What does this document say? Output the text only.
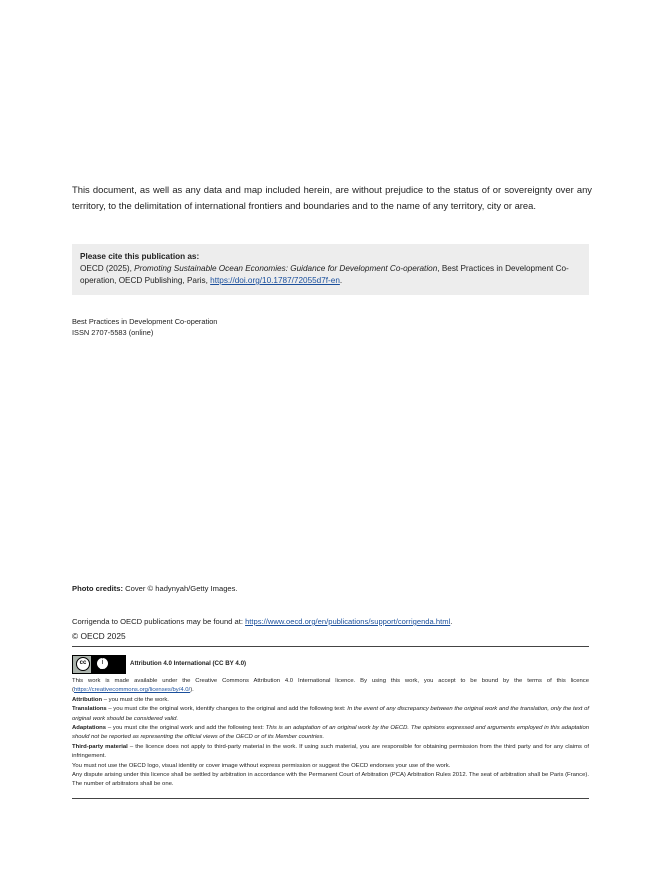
This document, as well as any data and map included herein, are without prejudice to the status of or sovereignty over any territory, to the delimitation of international frontiers and boundaries and to the name of any territory, city or area.
Please cite this publication as:
OECD (2025), Promoting Sustainable Ocean Economies: Guidance for Development Co-operation, Best Practices in Development Co-operation, OECD Publishing, Paris, https://doi.org/10.1787/72055d7f-en.
Best Practices in Development Co-operation
ISSN 2707-5583 (online)
Photo credits: Cover © hadynyah/Getty Images.
Corrigenda to OECD publications may be found at: https://www.oecd.org/en/publications/support/corrigenda.html.
© OECD 2025
cc	i
BY
Attribution 4.0 International (CC BY 4.0)

This work is made available under the Creative Commons Attribution 4.0 International licence. By using this work, you accept to be bound by the terms of this licence (https://creativecommons.org/licenses/by/4.0/).

Attribution – you must cite the work.

Translations – you must cite the original work, identify changes to the original and add the following text: In the event of any discrepancy between the original work and the translation, only the text of original work should be considered valid.

Adaptations – you must cite the original work and add the following text: This is an adaptation of an original work by the OECD. The opinions expressed and arguments employed in this adaptation should not be reported as representing the official views of the OECD or of its Member countries.

Third-party material – the licence does not apply to third-party material in the work. If using such material, you are responsible for obtaining permission from the third party and for any claims of infringement.

You must not use the OECD logo, visual identity or cover image without express permission or suggest the OECD endorses your use of the work.

Any dispute arising under this licence shall be settled by arbitration in accordance with the Permanent Court of Arbitration (PCA) Arbitration Rules 2012. The seat of arbitration shall be Paris (France). The number of arbitrators shall be one.
